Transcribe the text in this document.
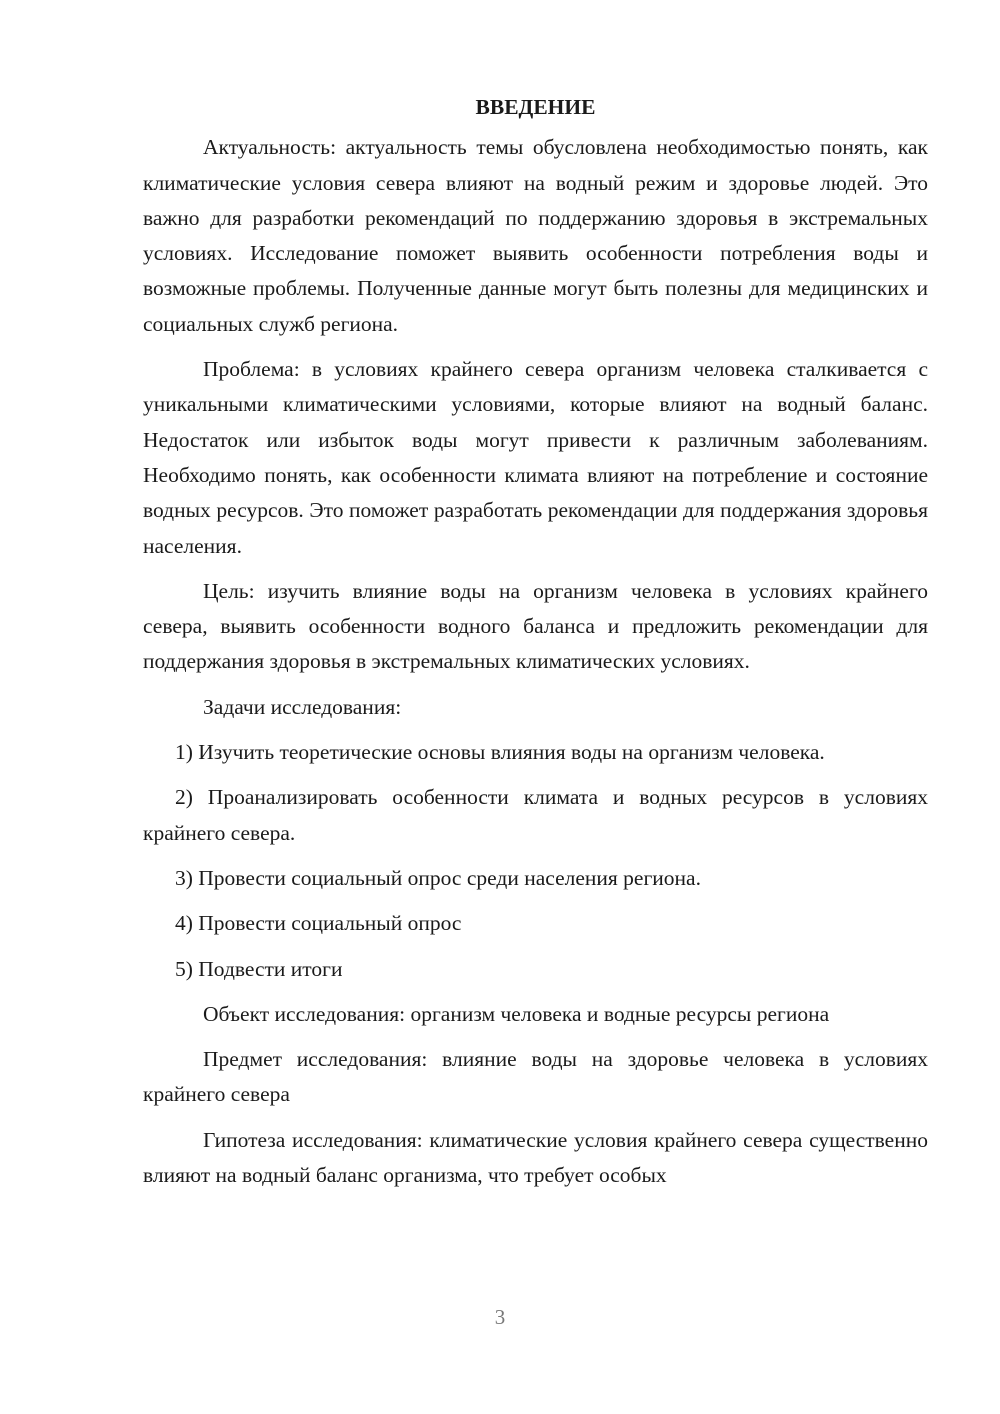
ВВЕДЕНИЕ

Актуальность: актуальность темы обусловлена необходимостью понять, как климатические условия севера влияют на водный режим и здоровье людей. Это важно для разработки рекомендаций по поддержанию здоровья в экстремальных условиях. Исследование поможет выявить особенности потребления воды и возможные проблемы. Полученные данные могут быть полезны для медицинских и социальных служб региона.

Проблема: в условиях крайнего севера организм человека сталкивается с уникальными климатическими условиями, которые влияют на водный баланс. Недостаток или избыток воды могут привести к различным заболеваниям. Необходимо понять, как особенности климата влияют на потребление и состояние водных ресурсов. Это поможет разработать рекомендации для поддержания здоровья населения.

Цель: изучить влияние воды на организм человека в условиях крайнего севера, выявить особенности водного баланса и предложить рекомендации для поддержания здоровья в экстремальных климатических условиях.

Задачи исследования:

1) Изучить теоретические основы влияния воды на организм человека.

2) Проанализировать особенности климата и водных ресурсов в условиях крайнего севера.

3) Провести социальный опрос среди населения региона.

4) Провести социальный опрос

5) Подвести итоги

Объект исследования: организм человека и водные ресурсы региона

Предмет исследования: влияние воды на здоровье человека в условиях крайнего севера

Гипотеза исследования: климатические условия крайнего севера существенно влияют на водный баланс организма, что требует особых

3
